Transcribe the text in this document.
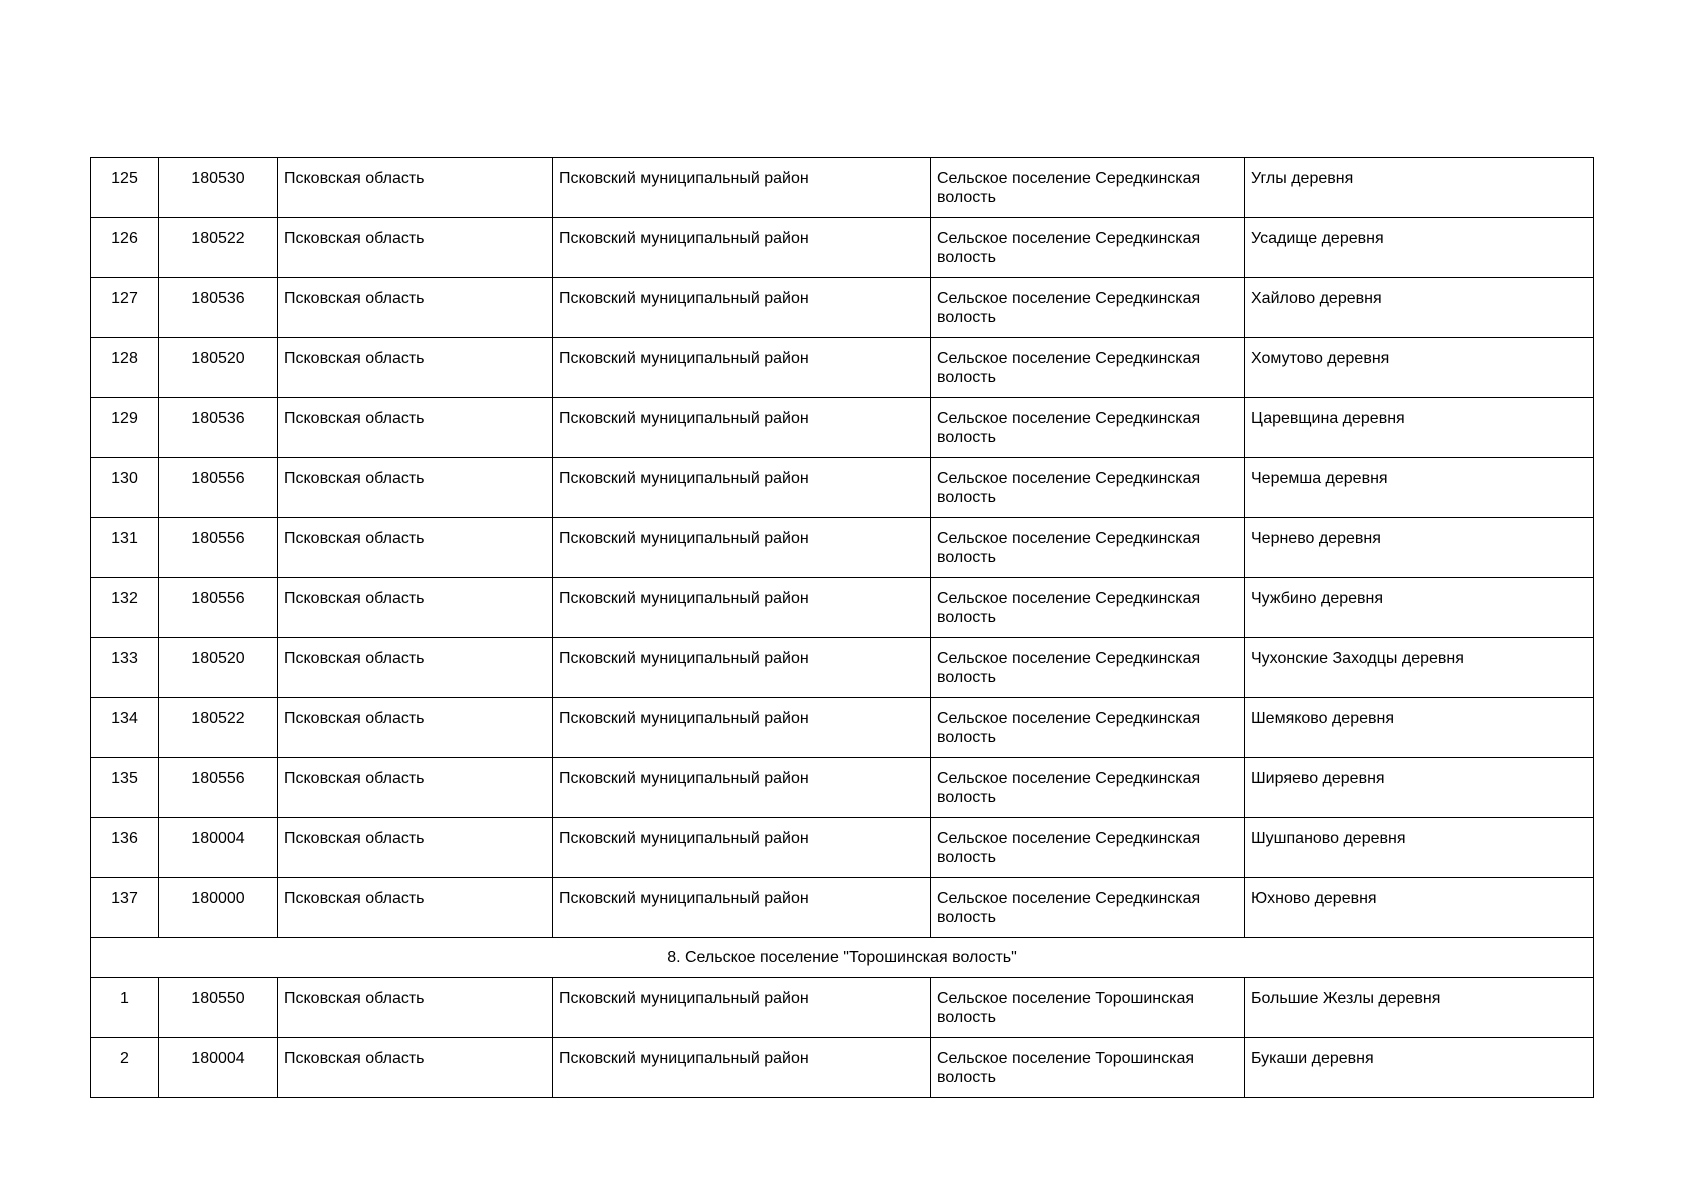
125	180530	Псковская область	Псковский муниципальный район	Сельское поселение Середкинская волость	Углы деревня
126	180522	Псковская область	Псковский муниципальный район	Сельское поселение Середкинская волость	Усадище деревня
127	180536	Псковская область	Псковский муниципальный район	Сельское поселение Середкинская волость	Хайлово деревня
128	180520	Псковская область	Псковский муниципальный район	Сельское поселение Середкинская волость	Хомутово деревня
129	180536	Псковская область	Псковский муниципальный район	Сельское поселение Середкинская волость	Царевщина деревня
130	180556	Псковская область	Псковский муниципальный район	Сельское поселение Середкинская волость	Черемша деревня
131	180556	Псковская область	Псковский муниципальный район	Сельское поселение Середкинская волость	Чернево деревня
132	180556	Псковская область	Псковский муниципальный район	Сельское поселение Середкинская волость	Чужбино деревня
133	180520	Псковская область	Псковский муниципальный район	Сельское поселение Середкинская волость	Чухонские Заходцы деревня
134	180522	Псковская область	Псковский муниципальный район	Сельское поселение Середкинская волость	Шемяково деревня
135	180556	Псковская область	Псковский муниципальный район	Сельское поселение Середкинская волость	Ширяево деревня
136	180004	Псковская область	Псковский муниципальный район	Сельское поселение Середкинская волость	Шушпаново деревня
137	180000	Псковская область	Псковский муниципальный район	Сельское поселение Середкинская волость	Юхново деревня
8. Сельское поселение "Торошинская волость"					
1	180550	Псковская область	Псковский муниципальный район	Сельское поселение Торошинская волость	Большие Жезлы деревня
2	180004	Псковская область	Псковский муниципальный район	Сельское поселение Торошинская волость	Букаши деревня
